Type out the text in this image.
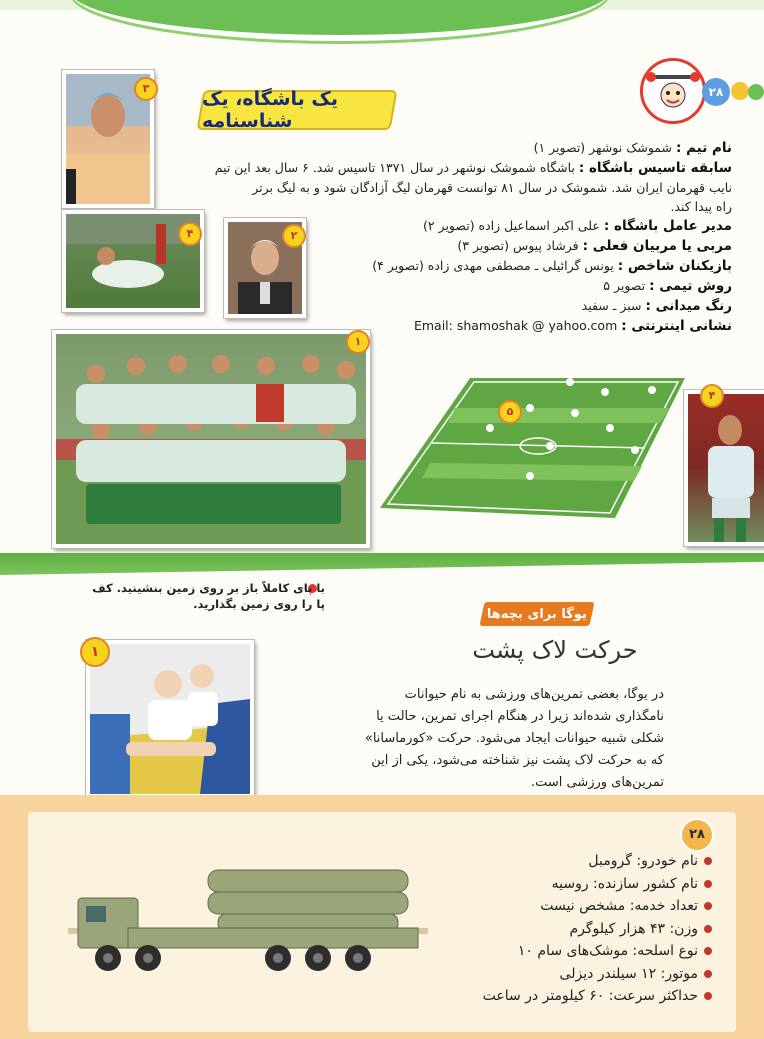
۲۸
یک باشگاه، یک شناسنامه
۳
۴	۲
نام تیم : شموشک نوشهر (تصویر ۱)
سابقه تاسیس باشگاه : باشگاه شموشک نوشهر در سال ۱۳۷۱ تاسیس شد. ۶ سال بعد این تیم
نایب قهرمان ایران شد. شموشک در سال ۸۱ توانست قهرمان لیگ آزادگان شود و به لیگ برتر
راه پیدا کند.
مدیر عامل باشگاه : علی اکبر اسماعیل زاده (تصویر ۲)
مربی یا مربیان فعلی : فرشاد پیوس (تصویر ۳)
بازیکنان شاخص : یونس گرائیلی ـ مصطفی مهدی زاده (تصویر ۴)
روش تیمی : تصویر ۵
رنگ میدانی : سبز ـ سفید
نشانی اینترنتی : Email: shamoshak @ yahoo.com
۱
۵
۴
با پای کاملاً باز بر روی زمین بنشینید. کف پا را روی زمین بگذارید.
یوگا برای بچه‌ها
حرکت لاک پشت
در یوگا، بعضی تمرین‌های ورزشی به نام حیوانات نامگذاری شده‌اند زیرا در هنگام اجرای تمرین، حالت یا شکلی شبیه حیوانات ایجاد می‌شود. حرکت «کورماسانا» که به حرکت لاک پشت نیز شناخته می‌شود، یکی از این تمرین‌های ورزشی است.
۱
۲۸
نام خودرو: گرومبل
نام کشور سازنده: روسیه
تعداد خدمه: مشخص نیست
وزن: ۴۳ هزار کیلوگرم
نوع اسلحه: موشک‌های سام ۱۰
موتور: ۱۲ سیلندر دیزلی
حداکثر سرعت: ۶۰ کیلومتر در ساعت
